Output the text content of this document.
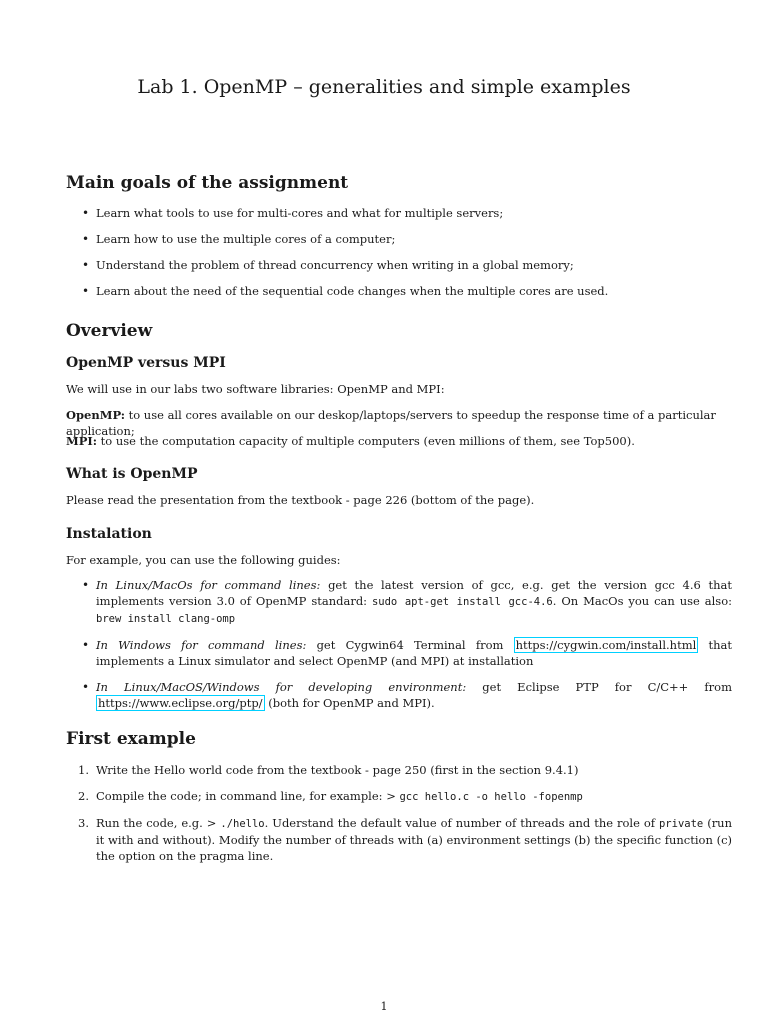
Lab 1. OpenMP – generalities and simple examples
Main goals of the assignment
• Learn what tools to use for multi-cores and what for multiple servers;
• Learn how to use the multiple cores of a computer;
• Understand the problem of thread concurrency when writing in a global memory;
• Learn about the need of the sequential code changes when the multiple cores are used.
Overview
OpenMP versus MPI
We will use in our labs two software libraries: OpenMP and MPI:
OpenMP: to use all cores available on our deskop/laptops/servers to speedup the response time of a particular application;
MPI: to use the computation capacity of multiple computers (even millions of them, see Top500).
What is OpenMP
Please read the presentation from the textbook - page 226 (bottom of the page).
Instalation
For example, you can use the following guides:
• In Linux/MacOs for command lines: get the latest version of gcc, e.g. get the version gcc 4.6 that implements version 3.0 of OpenMP standard: sudo apt-get install gcc-4.6. On MacOs you can use also: brew install clang-omp
• In Windows for command lines: get Cygwin64 Terminal from https://cygwin.com/install.html that implements a Linux simulator and select OpenMP (and MPI) at installation
• In Linux/MacOS/Windows for developing environment: get Eclipse PTP for C/C++ from https://www.eclipse.org/ptp/ (both for OpenMP and MPI).
First example
1. Write the Hello world code from the textbook - page 250 (first in the section 9.4.1)
2. Compile the code; in command line, for example: > gcc hello.c -o hello -fopenmp
3. Run the code, e.g. > ./hello. Uderstand the default value of number of threads and the role of private (run it with and without). Modify the number of threads with (a) environment settings (b) the specific function (c) the option on the pragma line.
1
